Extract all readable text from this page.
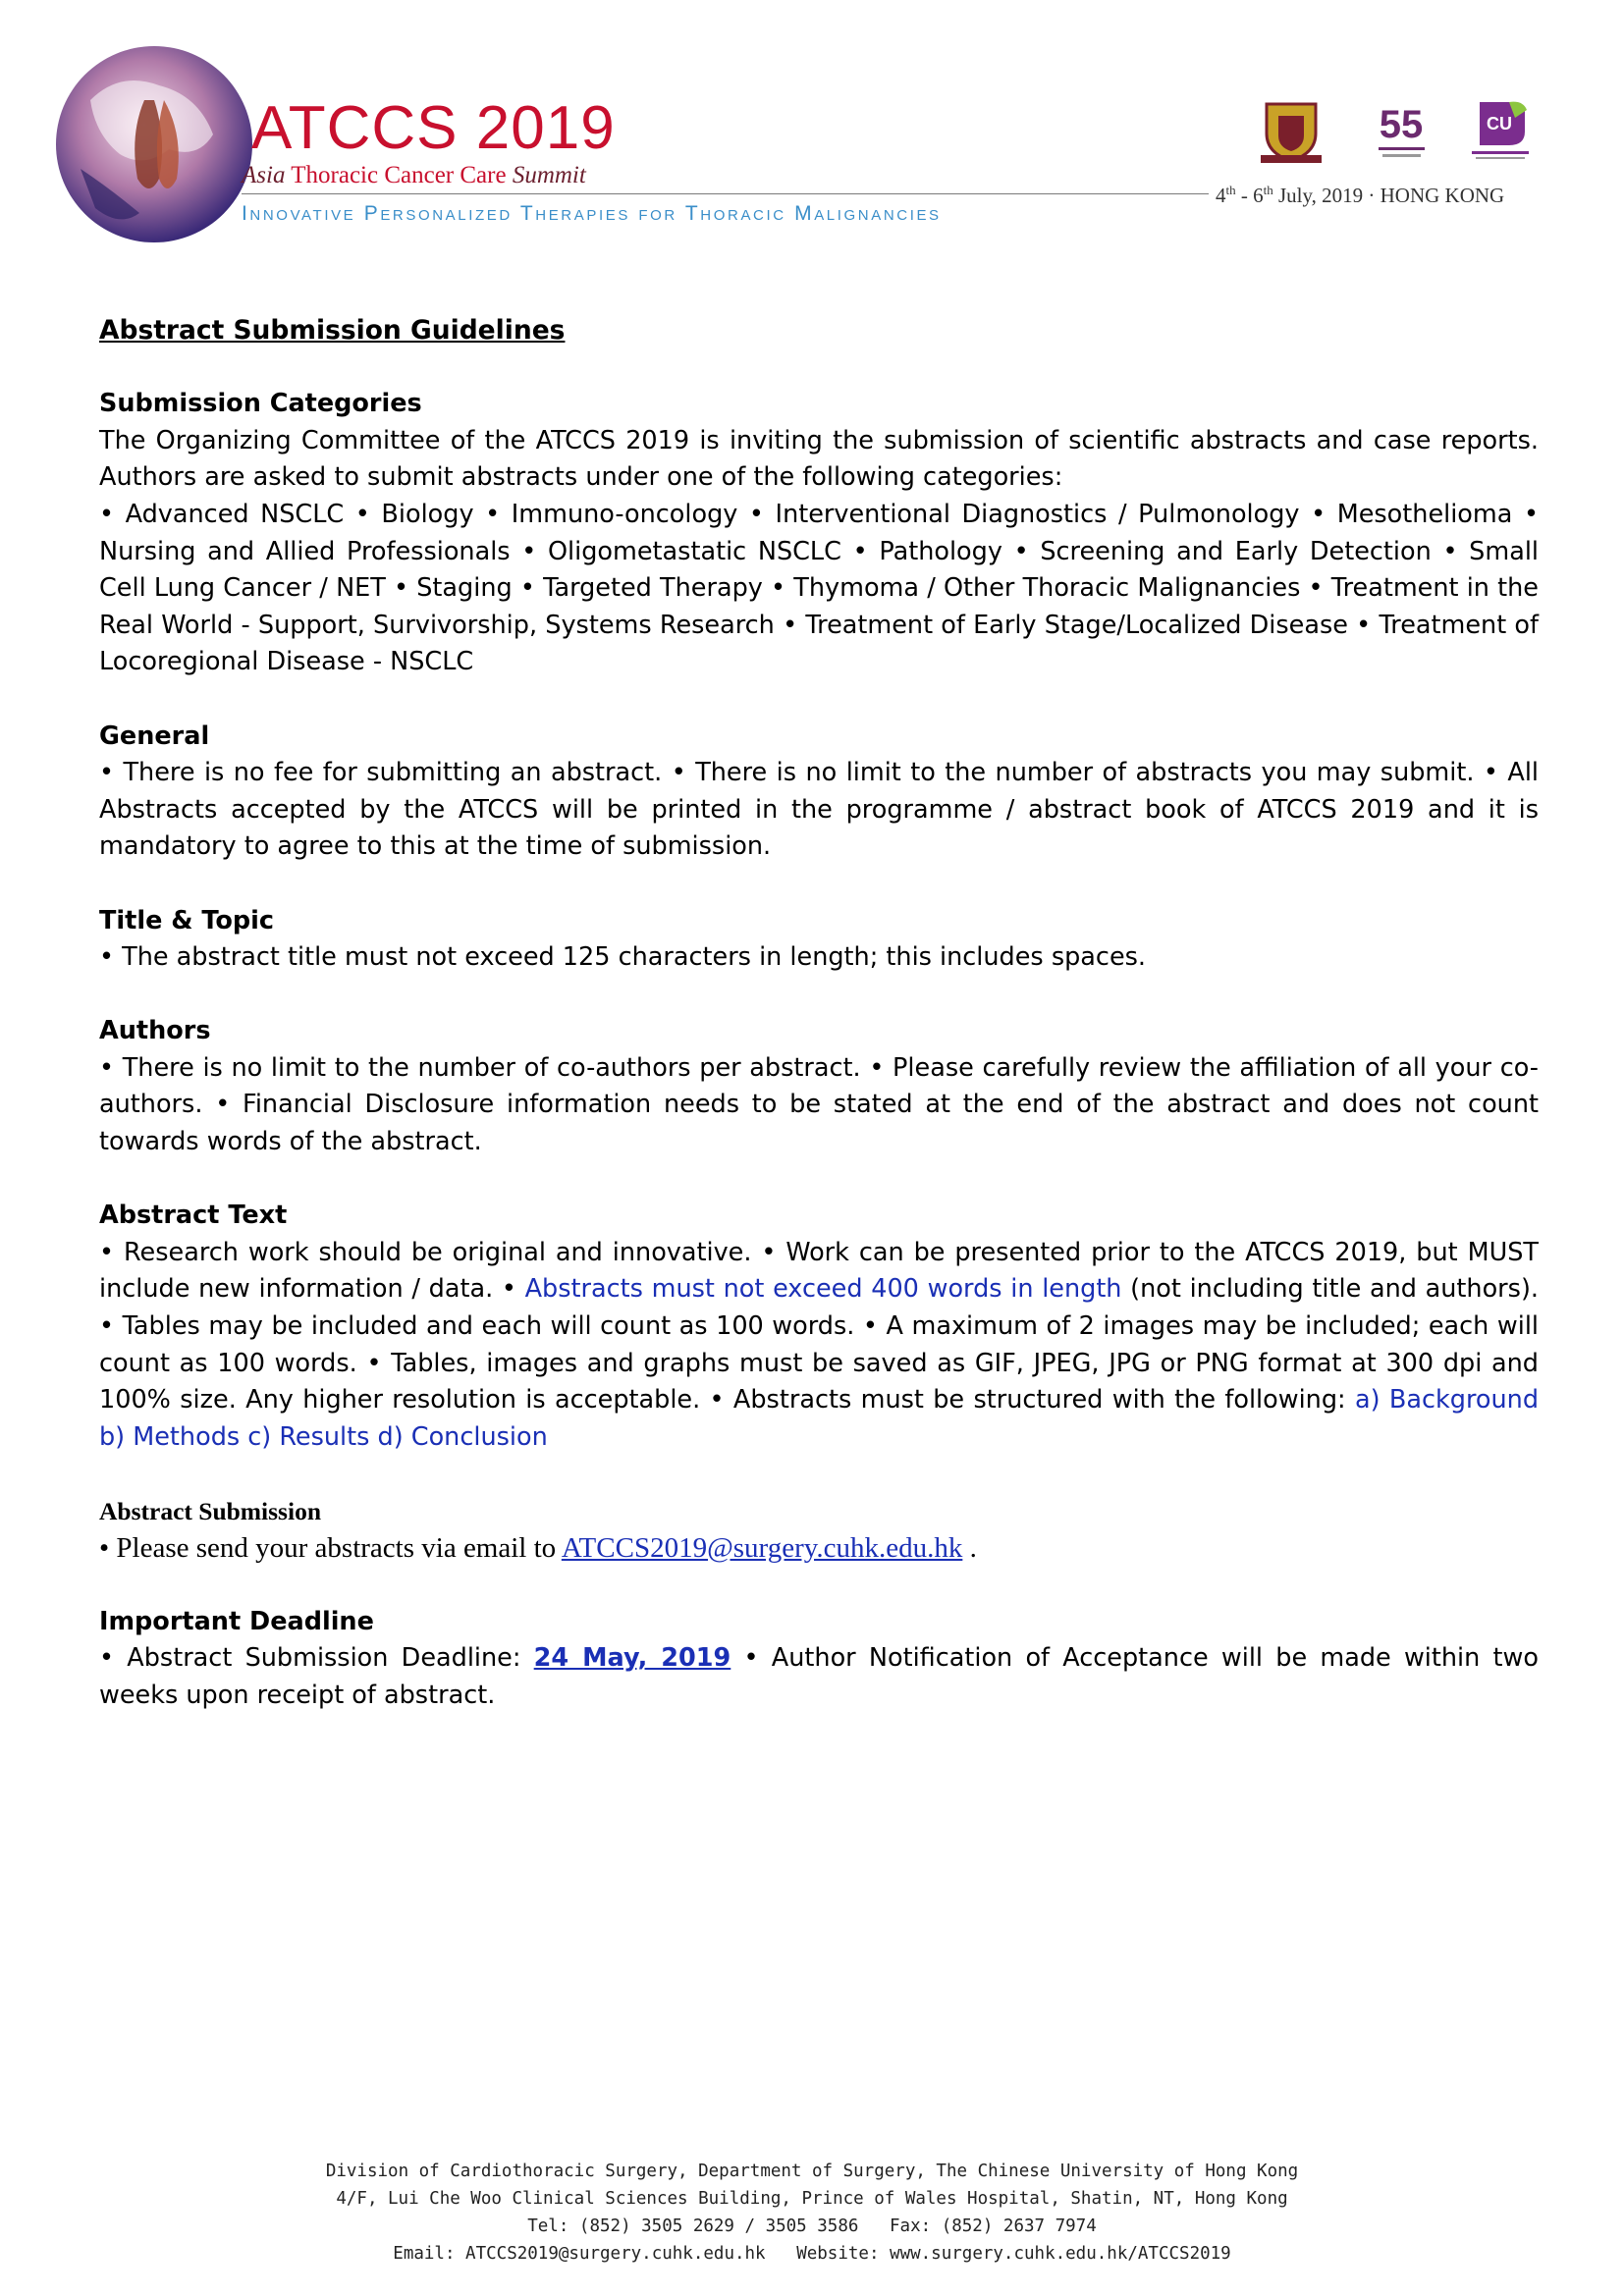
ATCCS 2019
Asia Thoracic Cancer Care Summit
Innovative Personalized Therapies for Thoracic Malignancies
4th - 6th July, 2019 · HONG KONG
55	CU
Abstract Submission Guidelines
Submission Categories

The Organizing Committee of the ATCCS 2019 is inviting the submission of scientific abstracts and case reports. Authors are asked to submit abstracts under one of the following categories:

• Advanced NSCLC • Biology • Immuno-oncology • Interventional Diagnostics / Pulmonology • Mesothelioma • Nursing and Allied Professionals • Oligometastatic NSCLC • Pathology • Screening and Early Detection • Small Cell Lung Cancer / NET • Staging • Targeted Therapy • Thymoma / Other Thoracic Malignancies • Treatment in the Real World - Support, Survivorship, Systems Research • Treatment of Early Stage/Localized Disease • Treatment of Locoregional Disease - NSCLC

General

• There is no fee for submitting an abstract. • There is no limit to the number of abstracts you may submit. • All Abstracts accepted by the ATCCS will be printed in the programme / abstract book of ATCCS 2019 and it is mandatory to agree to this at the time of submission.

Title & Topic

• The abstract title must not exceed 125 characters in length; this includes spaces.

Authors

• There is no limit to the number of co-authors per abstract. • Please carefully review the affiliation of all your co-authors. • Financial Disclosure information needs to be stated at the end of the abstract and does not count towards words of the abstract.

Abstract Text

• Research work should be original and innovative. • Work can be presented prior to the ATCCS 2019, but MUST include new information / data. • Abstracts must not exceed 400 words in length (not including title and authors). • Tables may be included and each will count as 100 words. • A maximum of 2 images may be included; each will count as 100 words. • Tables, images and graphs must be saved as GIF, JPEG, JPG or PNG format at 300 dpi and 100% size. Any higher resolution is acceptable. • Abstracts must be structured with the following: a) Background b) Methods c) Results d) Conclusion

Abstract Submission

• Please send your abstracts via email to ATCCS2019@surgery.cuhk.edu.hk .

Important Deadline

• Abstract Submission Deadline: 24 May, 2019 • Author Notification of Acceptance will be made within two weeks upon receipt of abstract.

Division of Cardiothoracic Surgery, Department of Surgery, The Chinese University of Hong Kong
4/F, Lui Che Woo Clinical Sciences Building, Prince of Wales Hospital, Shatin, NT, Hong Kong
Tel: (852) 3505 2629 / 3505 3586 Fax: (852) 2637 7974
Email: ATCCS2019@surgery.cuhk.edu.hk Website: www.surgery.cuhk.edu.hk/ATCCS2019
